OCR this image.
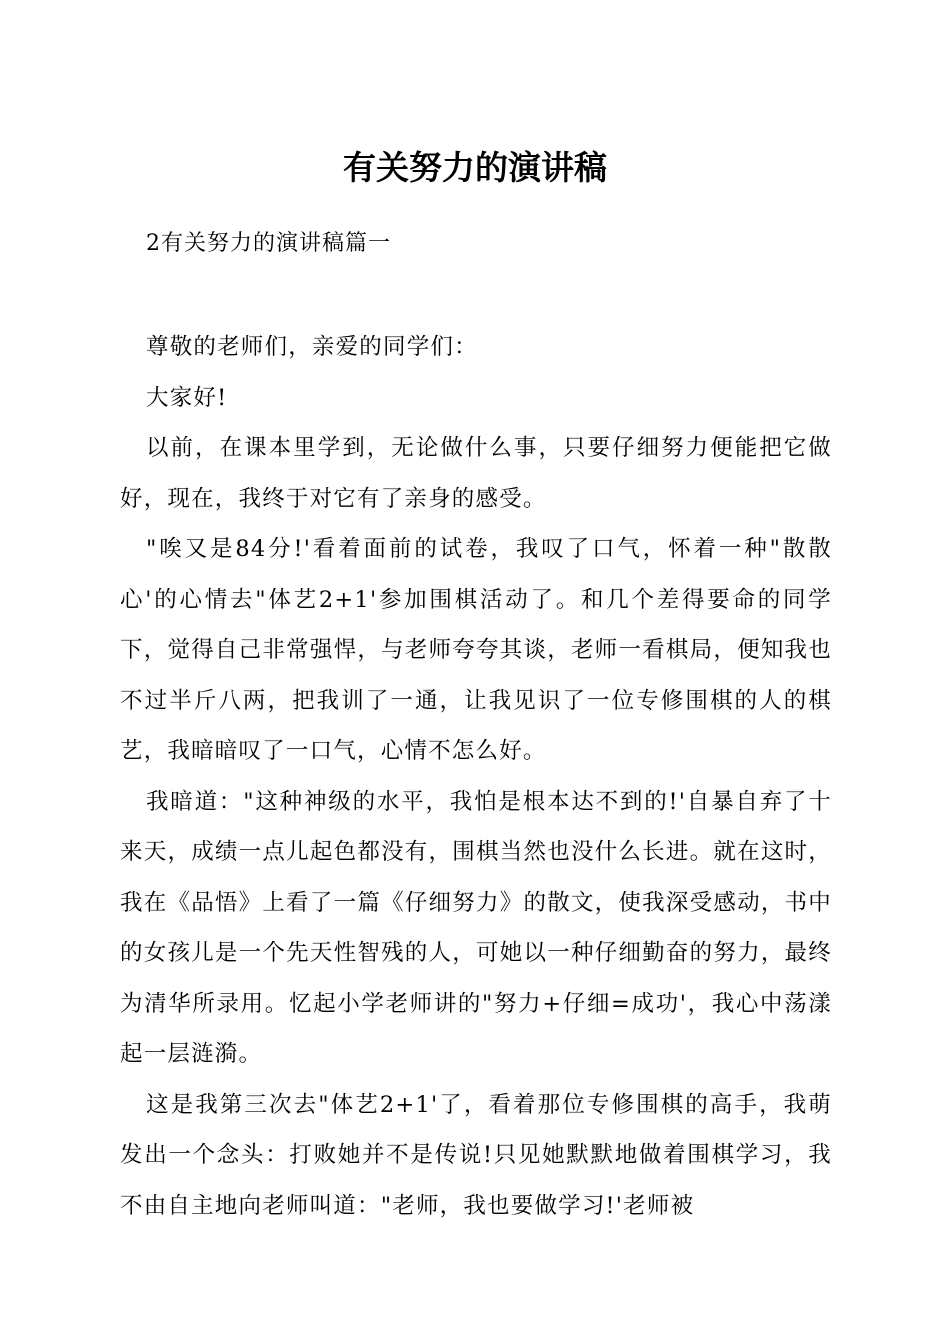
有关努力的演讲稿
2有关努力的演讲稿篇一

尊敬的老师们，亲爱的同学们：

大家好!

以前，在课本里学到，无论做什么事，只要仔细努力便能把它做好，现在，我终于对它有了亲身的感受。

"唉又是84分!'看着面前的试卷，我叹了口气，怀着一种"散散心'的心情去"体艺2+1'参加围棋活动了。和几个差得要命的同学下，觉得自己非常强悍，与老师夸夸其谈，老师一看棋局，便知我也不过半斤八两，把我训了一通，让我见识了一位专修围棋的人的棋艺，我暗暗叹了一口气，心情不怎么好。

我暗道："这种神级的水平，我怕是根本达不到的!'自暴自弃了十来天，成绩一点儿起色都没有，围棋当然也没什么长进。就在这时，我在《品悟》上看了一篇《仔细努力》的散文，使我深受感动，书中的女孩儿是一个先天性智残的人，可她以一种仔细勤奋的努力，最终为清华所录用。忆起小学老师讲的"努力+仔细=成功'，我心中荡漾起一层涟漪。

这是我第三次去"体艺2+1'了，看着那位专修围棋的高手，我萌发出一个念头：打败她并不是传说!只见她默默地做着围棋学习，我不由自主地向老师叫道："老师，我也要做学习!'老师被
